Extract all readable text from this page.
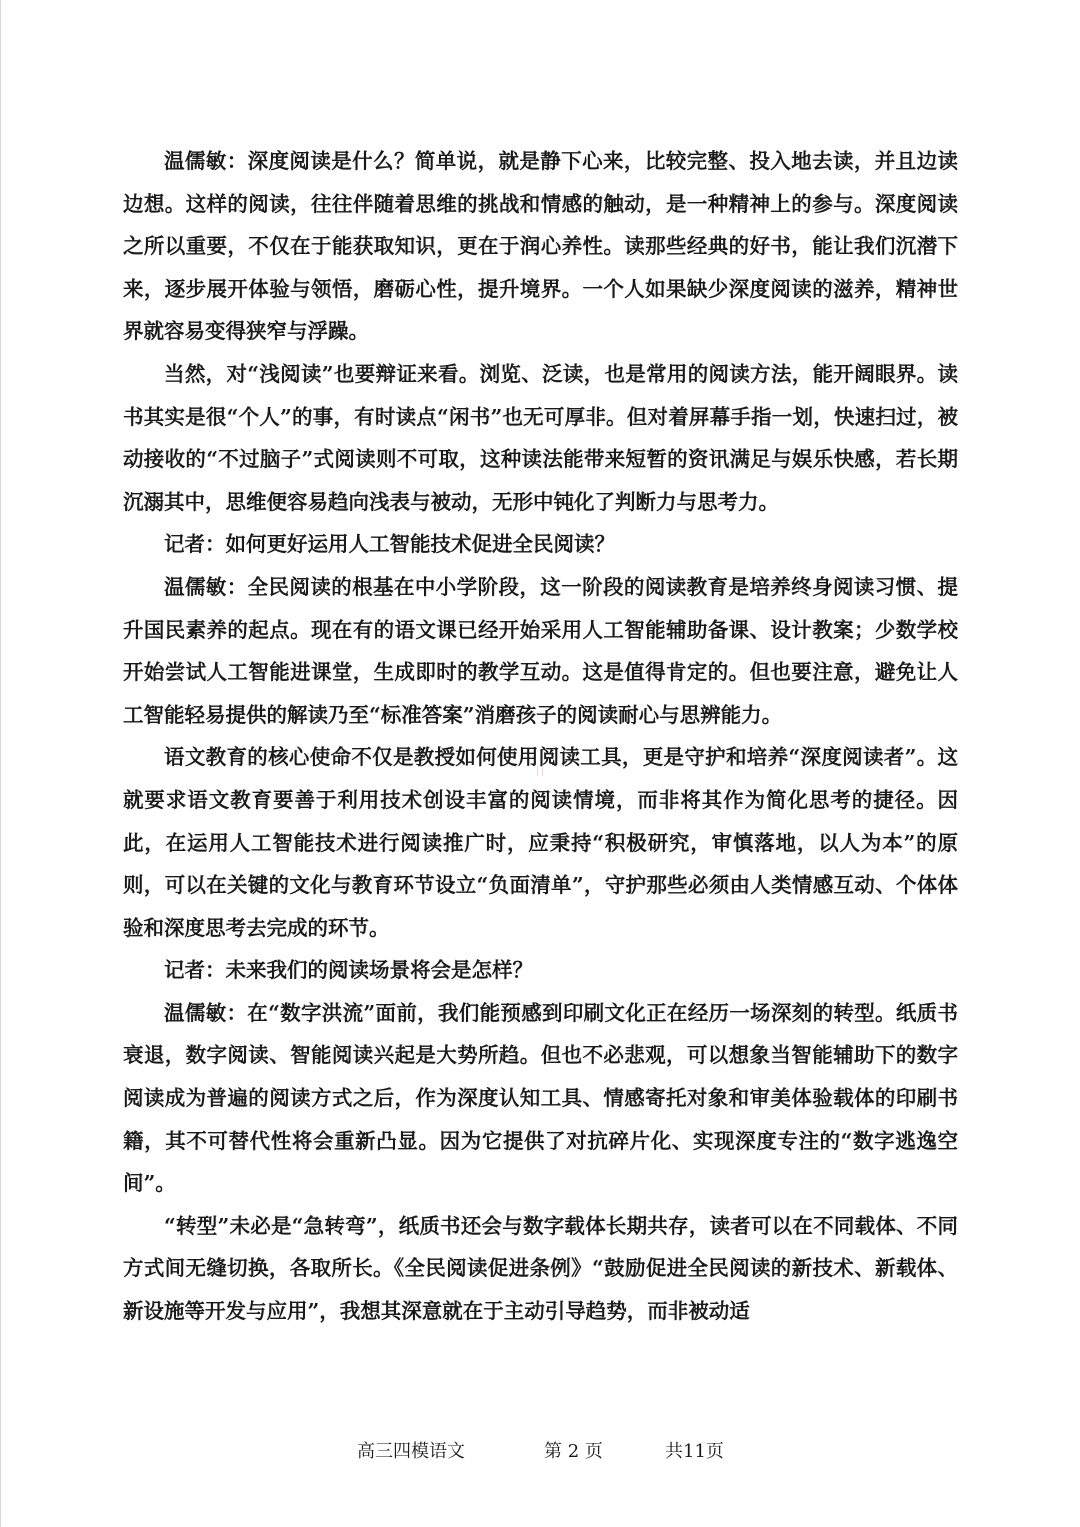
温儒敏：深度阅读是什么？简单说，就是静下心来，比较完整、投入地去读，并且边读边想。这样的阅读，往往伴随着思维的挑战和情感的触动，是一种精神上的参与。深度阅读之所以重要，不仅在于能获取知识，更在于润心养性。读那些经典的好书，能让我们沉潜下来，逐步展开体验与领悟，磨砺心性，提升境界。一个人如果缺少深度阅读的滋养，精神世界就容易变得狭窄与浮躁。

当然，对“浅阅读”也要辩证来看。浏览、泛读，也是常用的阅读方法，能开阔眼界。读书其实是很“个人”的事，有时读点“闲书”也无可厚非。但对着屏幕手指一划，快速扫过，被动接收的“不过脑子”式阅读则不可取，这种读法能带来短暂的资讯满足与娱乐快感，若长期沉溺其中，思维便容易趋向浅表与被动，无形中钝化了判断力与思考力。

记者：如何更好运用人工智能技术促进全民阅读？

温儒敏：全民阅读的根基在中小学阶段，这一阶段的阅读教育是培养终身阅读习惯、提升国民素养的起点。现在有的语文课已经开始采用人工智能辅助备课、设计教案；少数学校开始尝试人工智能进课堂，生成即时的教学互动。这是值得肯定的。但也要注意，避免让人工智能轻易提供的解读乃至“标准答案”消磨孩子的阅读耐心与思辨能力。

语文教育的核心使命不仅是教授如何使用阅读工具，更是守护和培养“深度阅读者”。这就要求语文教育要善于利用技术创设丰富的阅读情境，而非将其作为简化思考的捷径。因此，在运用人工智能技术进行阅读推广时，应秉持“积极研究，审慎落地，以人为本”的原则，可以在关键的文化与教育环节设立“负面清单”，守护那些必须由人类情感互动、个体体验和深度思考去完成的环节。

记者：未来我们的阅读场景将会是怎样？

温儒敏：在“数字洪流”面前，我们能预感到印刷文化正在经历一场深刻的转型。纸质书衰退，数字阅读、智能阅读兴起是大势所趋。但也不必悲观，可以想象当智能辅助下的数字阅读成为普遍的阅读方式之后，作为深度认知工具、情感寄托对象和审美体验载体的印刷书籍，其不可替代性将会重新凸显。因为它提供了对抗碎片化、实现深度专注的“数字逃逸空间”。

“转型”未必是“急转弯”，纸质书还会与数字载体长期共存，读者可以在不同载体、不同方式间无缝切换，各取所长。《全民阅读促进条例》“鼓励促进全民阅读的新技术、新载体、新设施等开发与应用”，我想其深意就在于主动引导趋势，而非被动适

高三四模语文	第 2 页	共11页
